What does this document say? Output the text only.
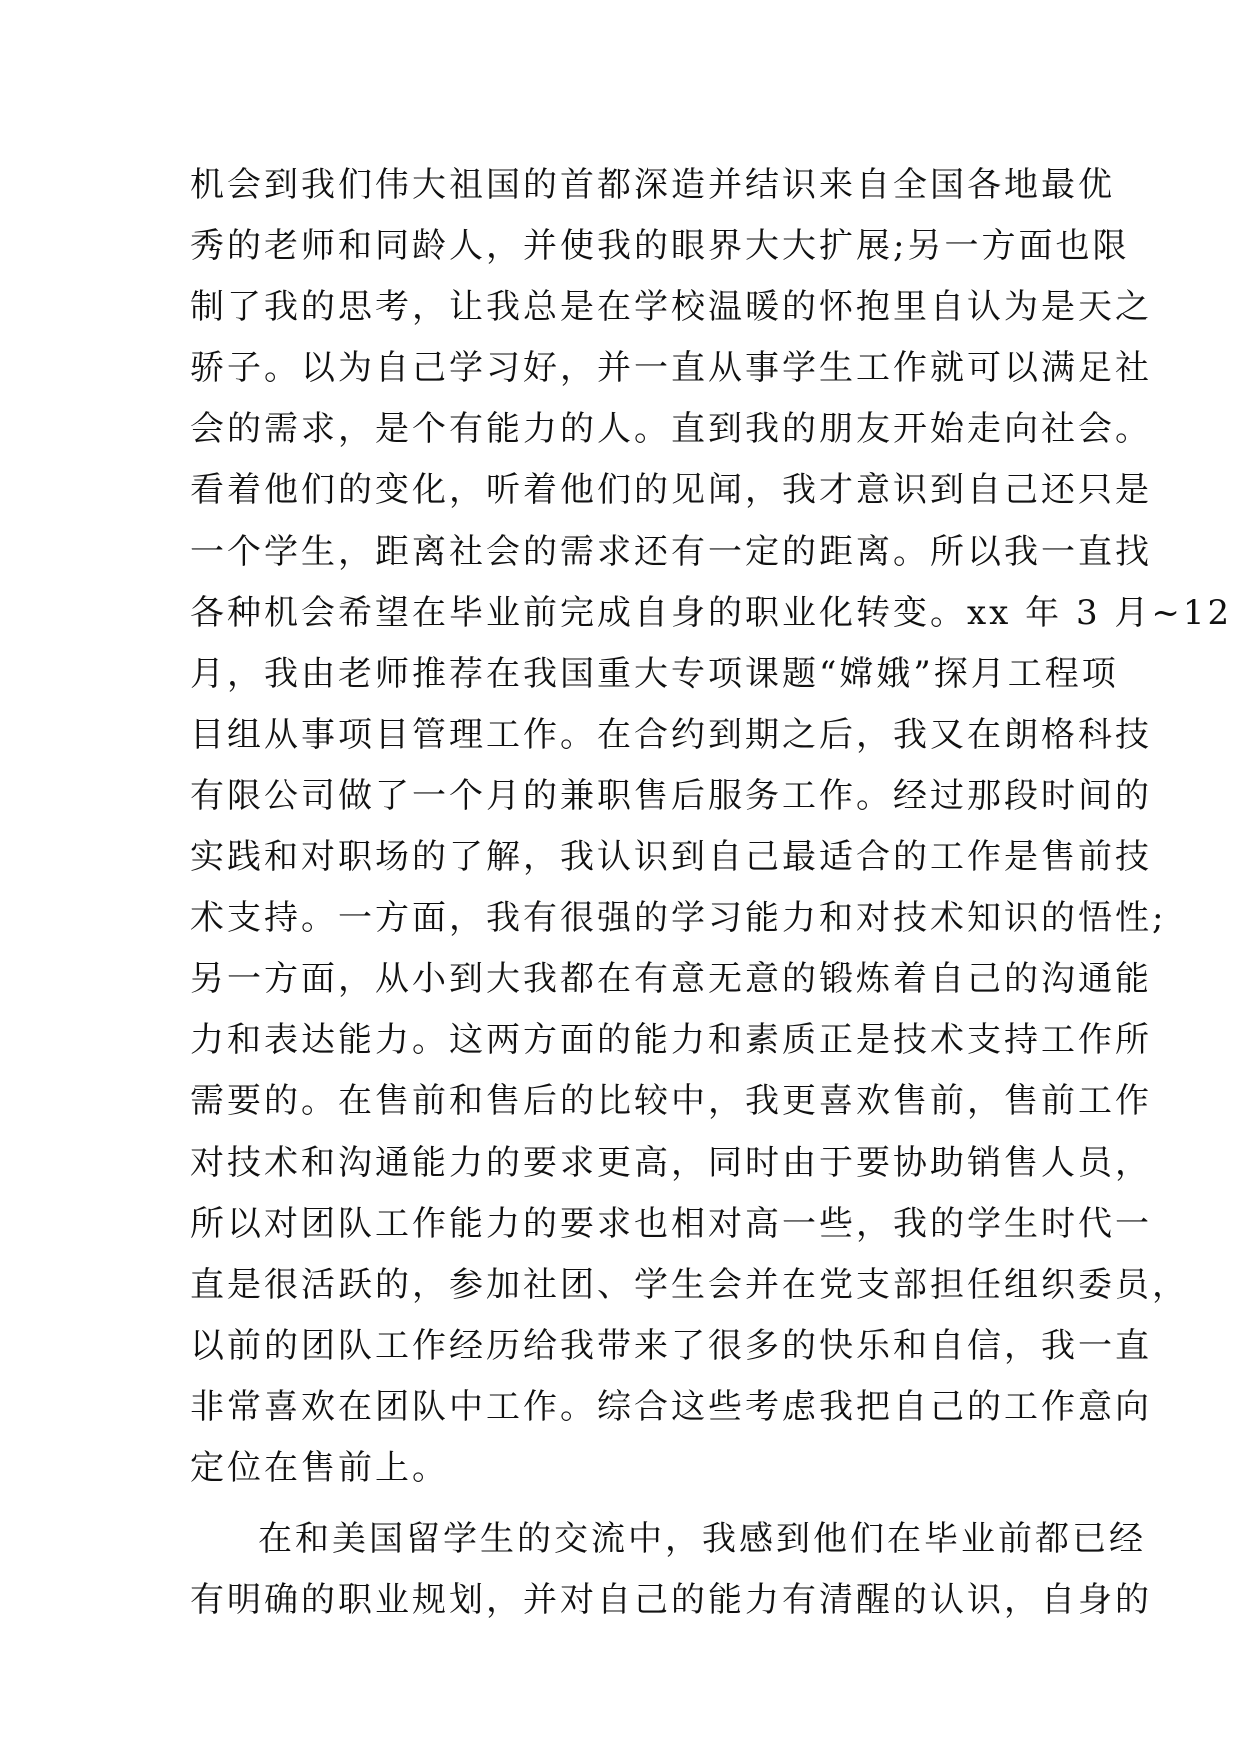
机会到我们伟大祖国的首都深造并结识来自全国各地最优
秀的老师和同龄人，并使我的眼界大大扩展;另一方面也限
制了我的思考，让我总是在学校温暖的怀抱里自认为是天之
骄子。以为自己学习好，并一直从事学生工作就可以满足社
会的需求，是个有能力的人。直到我的朋友开始走向社会。
看着他们的变化，听着他们的见闻，我才意识到自己还只是
一个学生，距离社会的需求还有一定的距离。所以我一直找
各种机会希望在毕业前完成自身的职业化转变。xx 年 3 月~12
月，我由老师推荐在我国重大专项课题“嫦娥”探月工程项
目组从事项目管理工作。在合约到期之后，我又在朗格科技
有限公司做了一个月的兼职售后服务工作。经过那段时间的
实践和对职场的了解，我认识到自己最适合的工作是售前技
术支持。一方面，我有很强的学习能力和对技术知识的悟性;
另一方面，从小到大我都在有意无意的锻炼着自己的沟通能
力和表达能力。这两方面的能力和素质正是技术支持工作所
需要的。在售前和售后的比较中，我更喜欢售前，售前工作
对技术和沟通能力的要求更高，同时由于要协助销售人员，
所以对团队工作能力的要求也相对高一些，我的学生时代一
直是很活跃的，参加社团、学生会并在党支部担任组织委员，
以前的团队工作经历给我带来了很多的快乐和自信，我一直
非常喜欢在团队中工作。综合这些考虑我把自己的工作意向
定位在售前上。
在和美国留学生的交流中，我感到他们在毕业前都已经
有明确的职业规划，并对自己的能力有清醒的认识，自身的
